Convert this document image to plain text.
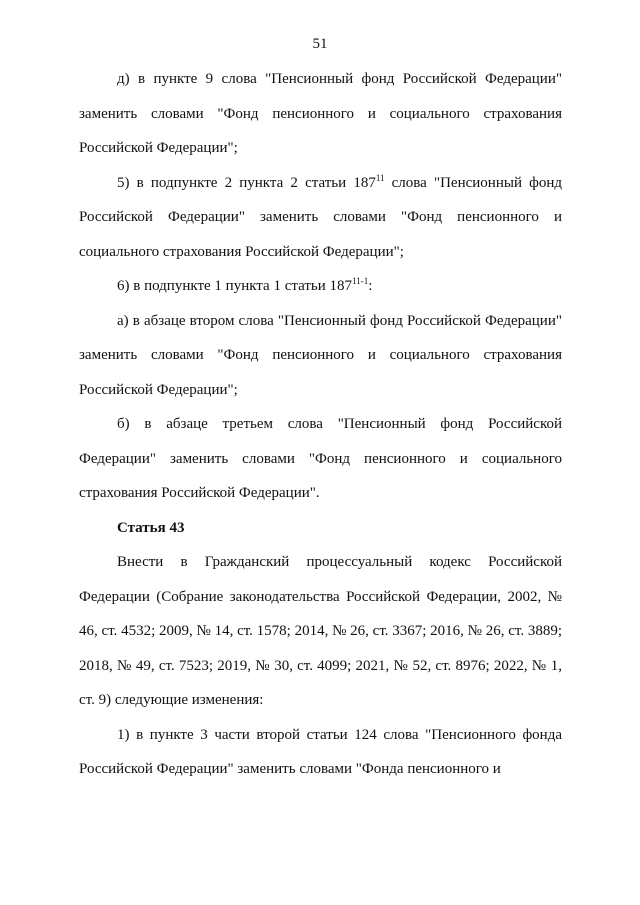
51

д) в пункте 9 слова "Пенсионный фонд Российской Федерации" заменить словами "Фонд пенсионного и социального страхования Российской Федерации";

5) в подпункте 2 пункта 2 статьи $187^{11}$ слова "Пенсионный фонд Российской Федерации" заменить словами "Фонд пенсионного и социального страхования Российской Федерации";

6) в подпункте 1 пункта 1 статьи 187$^{11-1}$:

а) в абзаце втором слова "Пенсионный фонд Российской Федерации" заменить словами "Фонд пенсионного и социального страхования Российской Федерации";

б) в абзаце третьем слова "Пенсионный фонд Российской Федерации" заменить словами "Фонд пенсионного и социального страхования Российской Федерации".

Статья 43

Внести в Гражданский процессуальный кодекс Российской Федерации (Собрание законодательства Российской Федерации, 2002, № 46, ст. 4532; 2009, № 14, ст. 1578; 2014, № 26, ст. 3367; 2016, № 26, ст. 3889; 2018, № 49, ст. 7523; 2019, № 30, ст. 4099; 2021, № 52, ст. 8976; 2022, № 1, ст. 9) следующие изменения:

1) в пункте 3 части второй статьи 124 слова "Пенсионного фонда Российской Федерации" заменить словами "Фонда пенсионного и
